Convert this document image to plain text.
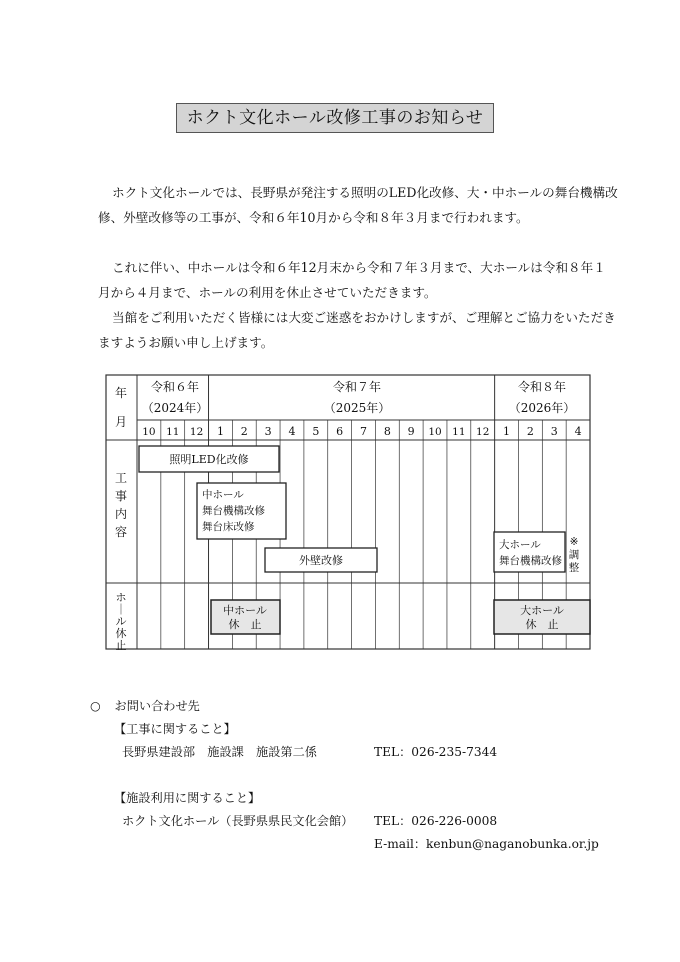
ホクト文化ホール改修工事のお知らせ

ホクト文化ホールでは、長野県が発注する照明のLED化改修、大・中ホールの舞台機構改修、外壁改修等の工事が、令和６年10月から令和８年３月まで行われます。

これに伴い、中ホールは令和６年12月末から令和７年３月まで、大ホールは令和８年１月から４月まで、ホールの利用を休止させていただきます。

当館をご利用いただく皆様には大変ご迷惑をおかけしますが、ご理解とご協力をいただきますようお願い申し上げます。

年
月
令和６年
（2024年）
令和７年
（2025年）
令和８年
（2026年）
10 11 12 1 2 3 4 5 6 7 8 9 10 11 12 1 2 3 4
工
事
内
容
ホ
｜
ル
休
止
照明LED化改修
中ホール
舞台機構改修
舞台床改修
外壁改修
大ホール
舞台機構改修
※
調
整
中ホール
休　止
大ホール
休　止
○ お問い合わせ先
【工事に関すること】
長野県建設部　施設課　施設第二係	TEL：026-235-7344
【施設利用に関すること】
ホクト文化ホール（長野県県民文化会館） TEL：026-226-0008
E-mail：kenbun@naganobunka.or.jp
